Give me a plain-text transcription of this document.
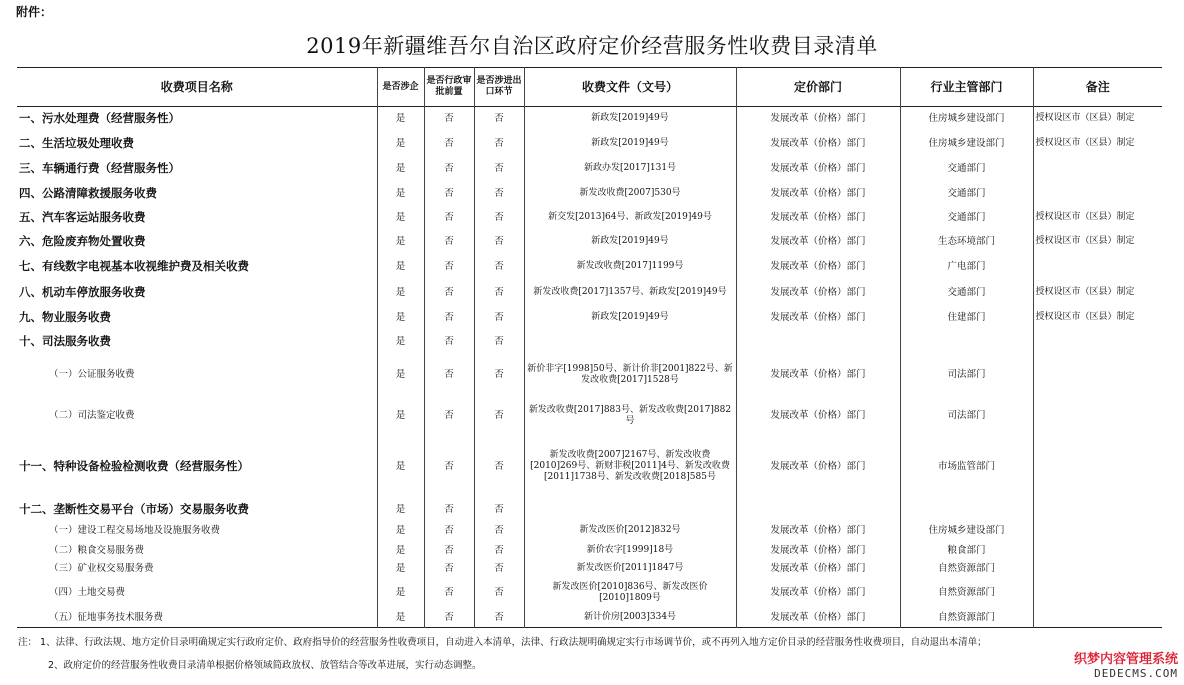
附件：
2019年新疆维吾尔自治区政府定价经营服务性收费目录清单
收费项目名称	是否涉企	是否行政审批前置	是否涉进出口环节	收费文件（文号）	定价部门	行业主管部门	备注
一、污水处理费（经营服务性）	是	否	否	新政发[2019]49号	发展改革（价格）部门	住房城乡建设部门	授权设区市（区县）制定
二、生活垃圾处理收费	是	否	否	新政发[2019]49号	发展改革（价格）部门	住房城乡建设部门	授权设区市（区县）制定
三、车辆通行费（经营服务性）	是	否	否	新政办发[2017]131号	发展改革（价格）部门	交通部门	
四、公路清障救援服务收费	是	否	否	新发改收费[2007]530号	发展改革（价格）部门	交通部门	
五、汽车客运站服务收费	是	否	否	新交发[2013]64号、新政发[2019]49号	发展改革（价格）部门	交通部门	授权设区市（区县）制定
六、危险废弃物处置收费	是	否	否	新政发[2019]49号	发展改革（价格）部门	生态环境部门	授权设区市（区县）制定
七、有线数字电视基本收视维护费及相关收费	是	否	否	新发改收费[2017]1199号	发展改革（价格）部门	广电部门	
八、机动车停放服务收费	是	否	否	新发改收费[2017]1357号、新政发[2019]49号	发展改革（价格）部门	交通部门	授权设区市（区县）制定
九、物业服务收费	是	否	否	新政发[2019]49号	发展改革（价格）部门	住建部门	授权设区市（区县）制定
十、司法服务收费	是	否	否				
（一）公证服务收费	是	否	否	新价非字[1998]50号、新计价非[2001]822号、新发改收费[2017]1528号	发展改革（价格）部门	司法部门	
（二）司法鉴定收费	是	否	否	新发改收费[2017]883号、新发改收费[2017]882号	发展改革（价格）部门	司法部门	
十一、特种设备检验检测收费（经营服务性）	是	否	否	新发改收费[2007]2167号、新发改收费[2010]269号、新财非税[2011]4号、新发改收费[2011]1738号、新发改收费[2018]585号	发展改革（价格）部门	市场监管部门	
十二、垄断性交易平台（市场）交易服务收费	是	否	否				
（一）建设工程交易场地及设施服务收费	是	否	否	新发改医价[2012]832号	发展改革（价格）部门	住房城乡建设部门	
（二）粮食交易服务费	是	否	否	新价农字[1999]18号	发展改革（价格）部门	粮食部门	
（三）矿业权交易服务费	是	否	否	新发改医价[2011]1847号	发展改革（价格）部门	自然资源部门	
（四）土地交易费	是	否	否	新发改医价[2010]836号、新发改医价[2010]1809号	发展改革（价格）部门	自然资源部门	
（五）征地事务技术服务费	是	否	否	新计价房[2003]334号	发展改革（价格）部门	自然资源部门	
注： 1、法律、行政法规、地方定价目录明确规定实行政府定价、政府指导价的经营服务性收费项目，自动进入本清单，法律、行政法规明确规定实行市场调节价，或不再列入地方定价目录的经营服务性收费项目，自动退出本清单；
2、政府定价的经营服务性收费目录清单根据价格领域简政放权、放管结合等改革进展，实行动态调整。	织梦内容管理系统
DEDECMS.COM
